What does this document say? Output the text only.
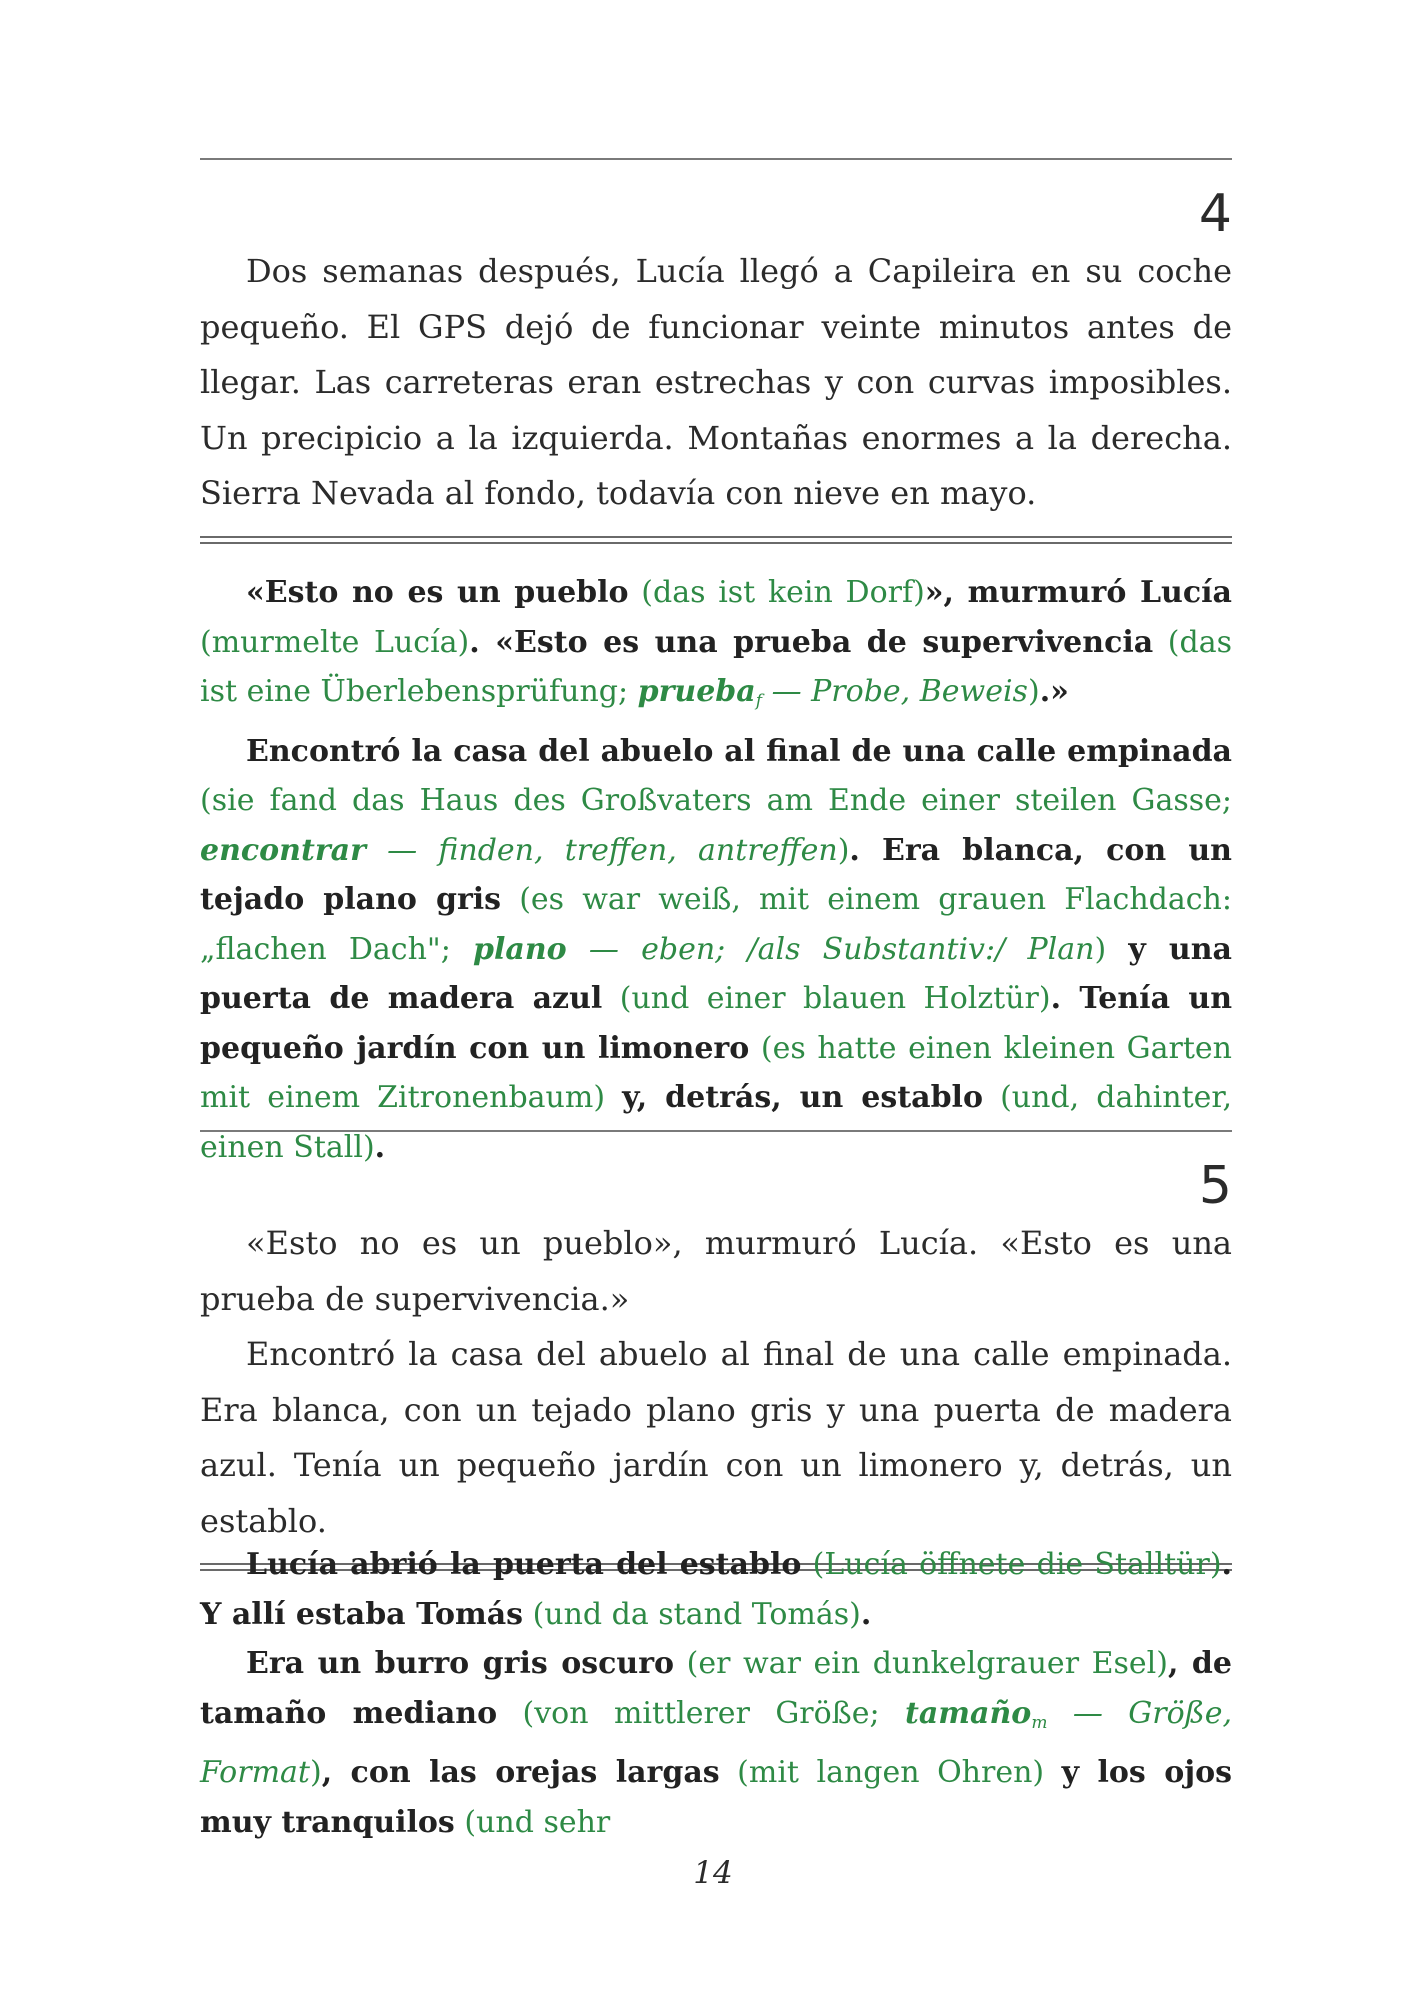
4

Dos semanas después, Lucía llegó a Capileira en su coche pequeño. El GPS dejó de funcionar veinte minutos antes de llegar. Las carreteras eran estrechas y con curvas imposibles. Un precipicio a la izquierda. Montañas enormes a la derecha. Sierra Nevada al fondo, todavía con nieve en mayo.

«Esto no es un pueblo (das ist kein Dorf)», murmuró Lucía (murmelte Lucía). «Esto es una prueba de supervivencia (das ist eine Überlebensprüfung; prueba$_f$ — Probe, Beweis).»

Encontró la casa del abuelo al final de una calle empinada (sie fand das Haus des Großvaters am Ende einer steilen Gasse; encontrar — finden, treffen, antreffen). Era blanca, con un tejado plano gris (es war weiß, mit einem grauen Flachdach: „flachen Dach"; plano — eben; /als Substantiv:/ Plan) y una puerta de madera azul (und einer blauen Holztür). Tenía un pequeño jardín con un limonero (es hatte einen kleinen Garten mit einem Zitronenbaum) y, detrás, un establo (und, dahinter, einen Stall).

5

«Esto no es un pueblo», murmuró Lucía. «Esto es una prueba de supervivencia.»

Encontró la casa del abuelo al final de una calle empinada. Era blanca, con un tejado plano gris y una puerta de madera azul. Tenía un pequeño jardín con un limonero y, detrás, un establo.

Lucía abrió la puerta del establo (Lucía öffnete die Stalltür). Y allí estaba Tomás (und da stand Tomás).

Era un burro gris oscuro (er war ein dunkelgrauer Esel), de tamaño mediano (von mittlerer Größe; tamaño$_m$ — Größe, Format), con las orejas largas (mit langen Ohren) y los ojos muy tranquilos (und sehr

14
